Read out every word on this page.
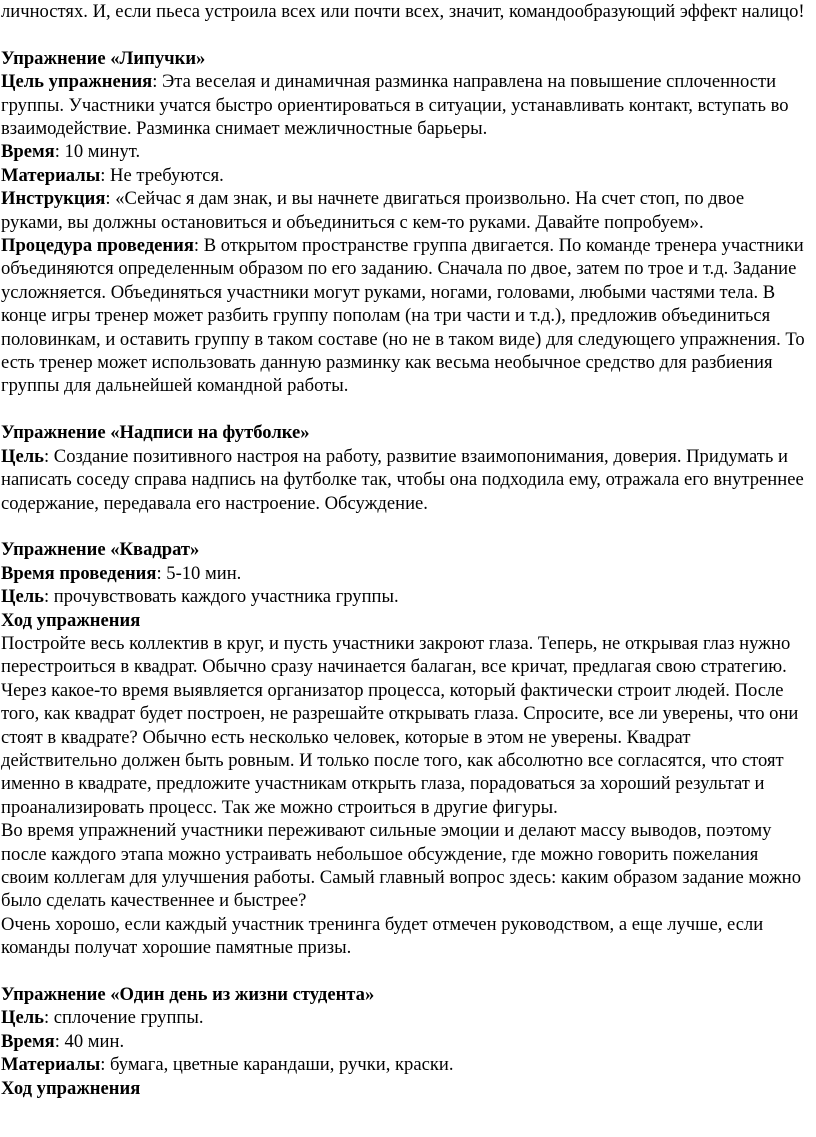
личностях. И, если пьеса устроила всех или почти всех, значит, командообразующий эффект налицо!

Упражнение «Липучки»

Цель упражнения: Эта веселая и динамичная разминка направлена на повышение сплоченности группы. Участники учатся быстро ориентироваться в ситуации, устанавливать контакт, вступать во взаимодействие. Разминка снимает межличностные барьеры.

Время: 10 минут.

Материалы: Не требуются.

Инструкция: «Сейчас я дам знак, и вы начнете двигаться произвольно. На счет стоп, по двое руками, вы должны остановиться и объединиться с кем-то руками. Давайте попробуем».

Процедура проведения: В открытом пространстве группа двигается. По команде тренера участники объединяются определенным образом по его заданию. Сначала по двое, затем по трое и т.д. Задание усложняется. Объединяться участники могут руками, ногами, головами, любыми частями тела. В конце игры тренер может разбить группу пополам (на три части и т.д.), предложив объединиться половинкам, и оставить группу в таком составе (но не в таком виде) для следующего упражнения. То есть тренер может использовать данную разминку как весьма необычное средство для разбиения группы для дальнейшей командной работы.

Упражнение «Надписи на футболке»

Цель: Создание позитивного настроя на работу, развитие взаимопонимания, доверия. Придумать и написать соседу справа надпись на футболке так, чтобы она подходила ему, отражала его внутреннее содержание, передавала его настроение. Обсуждение.

Упражнение «Квадрат»

Время проведения: 5-10 мин.

Цель: прочувствовать каждого участника группы.

Ход упражнения

Постройте весь коллектив в круг, и пусть участники закроют глаза. Теперь, не открывая глаз нужно перестроиться в квадрат. Обычно сразу начинается балаган, все кричат, предлагая свою стратегию. Через какое-то время выявляется организатор процесса, который фактически строит людей. После того, как квадрат будет построен, не разрешайте открывать глаза. Спросите, все ли уверены, что они стоят в квадрате? Обычно есть несколько человек, которые в этом не уверены. Квадрат действительно должен быть ровным. И только после того, как абсолютно все согласятся, что стоят именно в квадрате, предложите участникам открыть глаза, порадоваться за хороший результат и проанализировать процесс. Так же можно строиться в другие фигуры.

Во время упражнений участники переживают сильные эмоции и делают массу выводов, поэтому после каждого этапа можно устраивать небольшое обсуждение, где можно говорить пожелания своим коллегам для улучшения работы. Самый главный вопрос здесь: каким образом задание можно было сделать качественнее и быстрее?

Очень хорошо, если каждый участник тренинга будет отмечен руководством, а еще лучше, если команды получат хорошие памятные призы.

Упражнение «Один день из жизни студента»

Цель: сплочение группы.

Время: 40 мин.

Материалы: бумага, цветные карандаши, ручки, краски.

Ход упражнения
